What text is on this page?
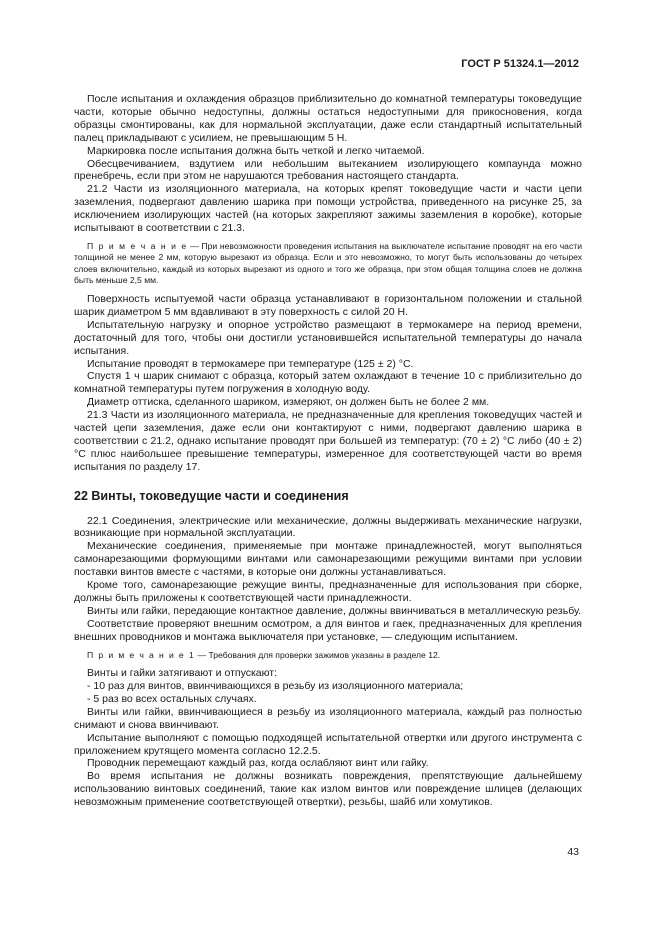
ГОСТ Р 51324.1—2012

После испытания и охлаждения образцов приблизительно до комнатной температуры токоведущие части, которые обычно недоступны, должны остаться недоступными для прикосновения, когда образцы смонтированы, как для нормальной эксплуатации, даже если стандартный испытательный палец прикладывают с усилием, не превышающим 5 Н.

Маркировка после испытания должна быть четкой и легко читаемой.

Обесцвечиванием, вздутием или небольшим вытеканием изолирующего компаунда можно пренебречь, если при этом не нарушаются требования настоящего стандарта.

21.2 Части из изоляционного материала, на которых крепят токоведущие части и части цепи заземления, подвергают давлению шарика при помощи устройства, приведенного на рисунке 25, за исключением изолирующих частей (на которых закрепляют зажимы заземления в коробке), которые испытывают в соответствии с 21.3.

П р и м е ч а н и е — При невозможности проведения испытания на выключателе испытание проводят на его части толщиной не менее 2 мм, которую вырезают из образца. Если и это невозможно, то могут быть использованы до четырех слоев включительно, каждый из которых вырезают из одного и того же образца, при этом общая толщина слоев не должна быть меньше 2,5 мм.

Поверхность испытуемой части образца устанавливают в горизонтальном положении и стальной шарик диаметром 5 мм вдавливают в эту поверхность с силой 20 Н.

Испытательную нагрузку и опорное устройство размещают в термокамере на период времени, достаточный для того, чтобы они достигли установившейся испытательной температуры до начала испытания.

Испытание проводят в термокамере при температуре (125 ± 2) °С.

Спустя 1 ч шарик снимают с образца, который затем охлаждают в течение 10 с приблизительно до комнатной температуры путем погружения в холодную воду.

Диаметр оттиска, сделанного шариком, измеряют, он должен быть не более 2 мм.

21.3 Части из изоляционного материала, не предназначенные для крепления токоведущих частей и частей цепи заземления, даже если они контактируют с ними, подвергают давлению шарика в соответствии с 21.2, однако испытание проводят при большей из температур: (70 ± 2) °С либо (40 ± 2) °С плюс наибольшее превышение температуры, измеренное для соответствующей части во время испытания по разделу 17.

22 Винты, токоведущие части и соединения

22.1 Соединения, электрические или механические, должны выдерживать механические нагрузки, возникающие при нормальной эксплуатации.

Механические соединения, применяемые при монтаже принадлежностей, могут выполняться самонарезающими формующими винтами или самонарезающими режущими винтами при условии поставки винтов вместе с частями, в которые они должны устанавливаться.

Кроме того, самонарезающие режущие винты, предназначенные для использования при сборке, должны быть приложены к соответствующей части принадлежности.

Винты или гайки, передающие контактное давление, должны ввинчиваться в металлическую резьбу.

Соответствие проверяют внешним осмотром, а для винтов и гаек, предназначенных для крепления внешних проводников и монтажа выключателя при установке, — следующим испытанием.

П р и м е ч а н и е 1 — Требования для проверки зажимов указаны в разделе 12.

Винты и гайки затягивают и отпускают:

- 10 раз для винтов, ввинчивающихся в резьбу из изоляционного материала;

- 5 раз во всех остальных случаях.

Винты или гайки, ввинчивающиеся в резьбу из изоляционного материала, каждый раз полностью снимают и снова ввинчивают.

Испытание выполняют с помощью подходящей испытательной отвертки или другого инструмента с приложением крутящего момента согласно 12.2.5.

Проводник перемещают каждый раз, когда ослабляют винт или гайку.

Во время испытания не должны возникать повреждения, препятствующие дальнейшему использованию винтовых соединений, такие как излом винтов или повреждение шлицев (делающих невозможным применение соответствующей отвертки), резьбы, шайб или хомутиков.

43
